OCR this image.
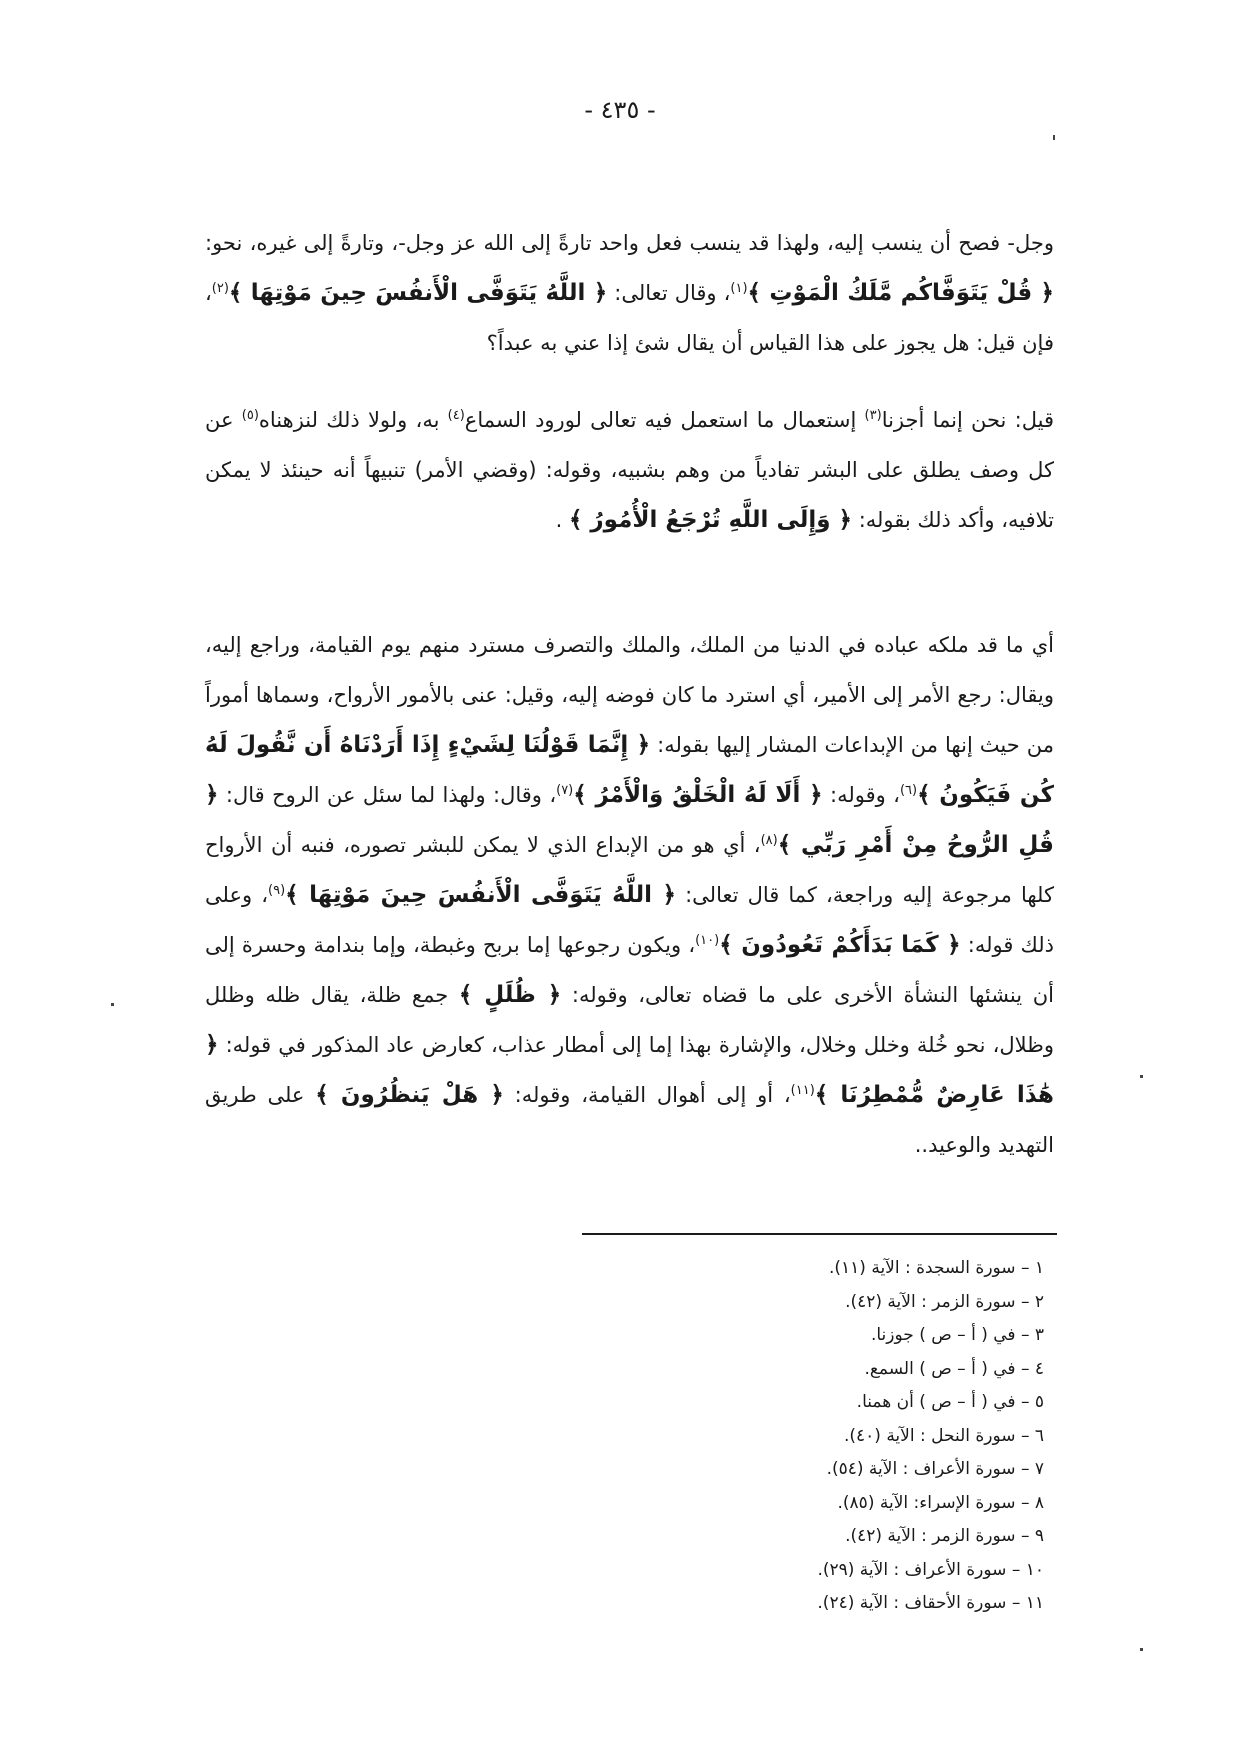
- ٤٣٥ -

وجل- فصح أن ينسب إليه، ولهذا قد ينسب فعل واحد تارةً إلى الله عز وجل-، وتارةً إلى غيره، نحو: ﴿ قُلْ يَتَوَفَّاكُم مَّلَكُ الْمَوْتِ ﴾$^{(١)}$، وقال تعالى: ﴿ اللَّهُ يَتَوَفَّى الْأَنفُسَ حِينَ مَوْتِهَا ﴾$^{(٢)}$، فإن قيل: هل يجوز على هذا القياس أن يقال شئ إذا عني به عبداً؟

قيل: نحن إنما أجزنا$^{(٣)}$ إستعمال ما استعمل فيه تعالى لورود السماع$^{(٤)}$ به، ولولا ذلك لنزهناه$^{(٥)}$ عن كل وصف يطلق على البشر تفادياً من وهم بشبيه، وقوله: (وقضي الأمر) تنبيهاً أنه حينئذ لا يمكن تلافيه، وأكد ذلك بقوله: ﴿ وَإِلَى اللَّهِ تُرْجَعُ الْأُمُورُ ﴾ .

أي ما قد ملكه عباده في الدنيا من الملك، والملك والتصرف مسترد منهم يوم القيامة، وراجع إليه، ويقال: رجع الأمر إلى الأمير، أي استرد ما كان فوضه إليه، وقيل: عنى بالأمور الأرواح، وسماها أموراً من حيث إنها من الإبداعات المشار إليها بقوله: ﴿ إِنَّمَا قَوْلُنَا لِشَيْءٍ إِذَا أَرَدْنَاهُ أَن نَّقُولَ لَهُ كُن فَيَكُونُ ﴾$^{(٦)}$، وقوله: ﴿ أَلَا لَهُ الْخَلْقُ وَالْأَمْرُ ﴾$^{(٧)}$، وقال: ولهذا لما سئل عن الروح قال: ﴿ قُلِ الرُّوحُ مِنْ أَمْرِ رَبِّي ﴾$^{(٨)}$، أي هو من الإبداع الذي لا يمكن للبشر تصوره، فنبه أن الأرواح كلها مرجوعة إليه وراجعة، كما قال تعالى: ﴿ اللَّهُ يَتَوَفَّى الْأَنفُسَ حِينَ مَوْتِهَا ﴾$^{(٩)}$، وعلى ذلك قوله: ﴿ كَمَا بَدَأَكُمْ تَعُودُونَ ﴾$^{(١٠)}$، ويكون رجوعها إما بربح وغبطة، وإما بندامة وحسرة إلى أن ينشئها النشأة الأخرى على ما قضاه تعالى، وقوله: ﴿ ظُلَلٍ ﴾ جمع ظلة، يقال ظله وظلل وظلال، نحو خُلة وخلل وخلال، والإشارة بهذا إما إلى أمطار عذاب، كعارض عاد المذكور في قوله: ﴿ هَٰذَا عَارِضٌ مُّمْطِرُنَا ﴾$^{(١١)}$، أو إلى أهوال القيامة، وقوله: ﴿ هَلْ يَنظُرُونَ ﴾ على طريق التهديد والوعيد..

١ – سورة السجدة : الآية (١١).
٢ – سورة الزمر : الآية (٤٢).
٣ – في ( أ – ص ) جوزنا.
٤ – في ( أ – ص ) السمع.
٥ – في ( أ – ص ) أن همنا.
٦ – سورة النحل : الآية (٤٠).
٧ – سورة الأعراف : الآية (٥٤).
٨ – سورة الإسراء: الآية (٨٥).
٩ – سورة الزمر : الآية (٤٢).
١٠ – سورة الأعراف : الآية (٢٩).
١١ – سورة الأحقاف : الآية (٢٤).
